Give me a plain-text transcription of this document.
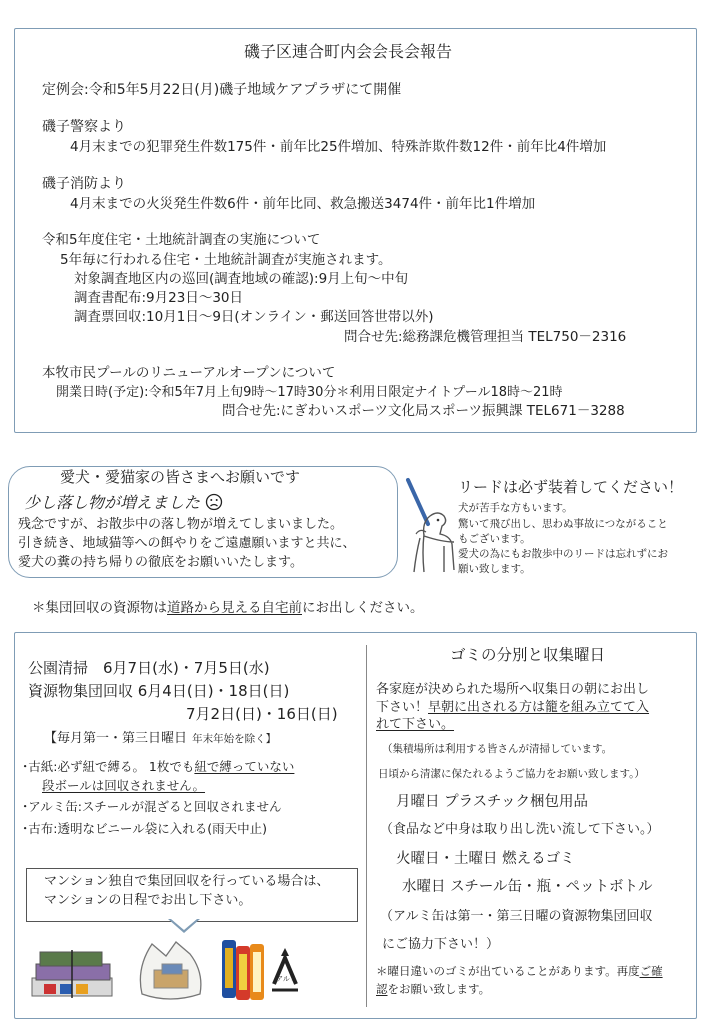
磯子区連合町内会会長会報告
定例会:令和5年5月22日(月)磯子地域ケアプラザにて開催
磯子警察より
4月末までの犯罪発生件数175件・前年比25件増加、特殊詐欺件数12件・前年比4件増加
磯子消防より
4月末までの火災発生件数6件・前年比同、救急搬送3474件・前年比1件増加
令和5年度住宅・土地統計調査の実施について
5年毎に行われる住宅・土地統計調査が実施されます。
対象調査地区内の巡回(調査地域の確認):9月上旬～中旬
調査書配布:9月23日～30日
調査票回収:10月1日～9日(オンライン・郵送回答世帯以外)
問合せ先:総務課危機管理担当 TEL750－2316
本牧市民プールのリニューアルオープンについて
開業日時(予定):令和5年7月上旬9時～17時30分＊利用日限定ナイトプール18時～21時
問合せ先:にぎわいスポーツ文化局スポーツ振興課 TEL671－3288
愛犬・愛猫家の皆さまへお願いです
少し落し物が増えました
残念ですが、お散歩中の落し物が増えてしまいました。
引き続き、地域猫等への餌やりをご遠慮願いますと共に、
愛犬の糞の持ち帰りの徹底をお願いいたします。
リードは必ず装着してください！
犬が苦手な方もいます。
驚いて飛び出し、思わぬ事故につながること
もございます。
愛犬の為にもお散歩中のリードは忘れずにお
願い致します。
＊集団回収の資源物は道路から見える自宅前にお出しください。
公園清掃　6月7日(水)・7月5日(水)
資源物集団回収 6月4日(日)・18日(日)
7月2日(日)・16日(日)
【毎月第一・第三日曜日 年末年始を除く】
･古紙:必ず紐で縛る。 1枚でも紐で縛っていない
段ボールは回収されません。
･アルミ缶:スチールが混ざると回収されません
･古布:透明なビニール袋に入れる(雨天中止)
マンション独自で集団回収を行っている場合は、
マンションの日程でお出し下さい。
アルミ
ゴミの分別と収集曜日
各家庭が決められた場所へ収集日の朝にお出し
下さい！早朝に出される方は籠を組み立てて入
れて下さい。
（集積場所は利用する皆さんが清掃しています。
日頃から清潔に保たれるようご協力をお願い致します。）
月曜日 プラスチック梱包用品
（食品など中身は取り出し洗い流して下さい。）
火曜日・土曜日 燃えるゴミ
水曜日 スチール缶・瓶・ペットボトル
（アルミ缶は第一・第三日曜の資源物集団回収
にご協力下さい！）
＊曜日違いのゴミが出ていることがあります。再度ご確
認をお願い致します。
